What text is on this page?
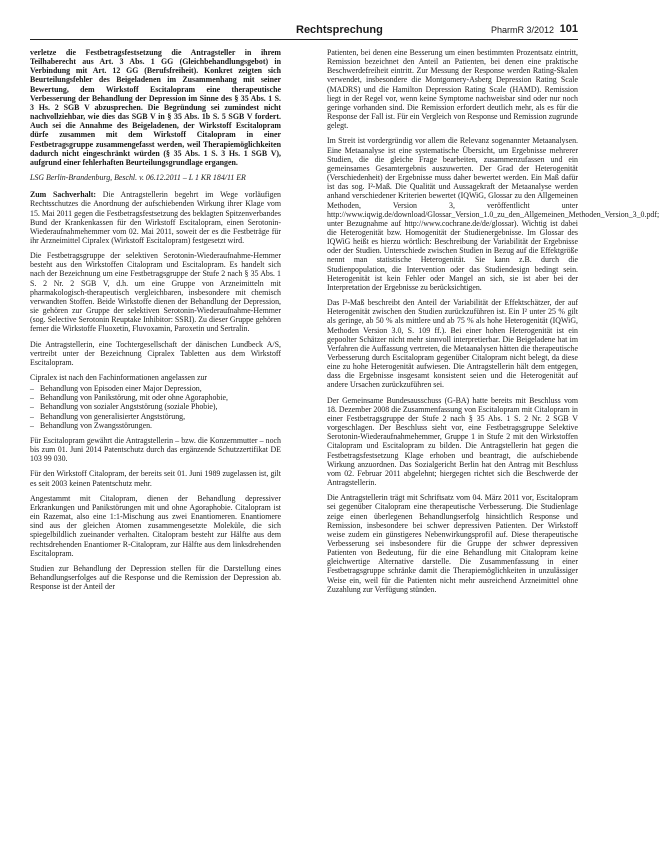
Rechtsprechung	PharmR 3/2012 101

verletze die Festbetragsfestsetzung die Antragsteller in ihrem Teilhaberecht aus Art. 3 Abs. 1 GG (Gleichbehandlungsgebot) in Verbindung mit Art. 12 GG (Berufsfreiheit). Konkret zeigten sich Beurteilungsfehler des Beigeladenen im Zusammenhang mit seiner Bewertung, dem Wirkstoff Escitalopram eine therapeutische Verbesserung der Behandlung der Depression im Sinne des § 35 Abs. 1 S. 3 Hs. 2 SGB V abzusprechen. Die Begründung sei zumindest nicht nachvollziehbar, wie dies das SGB V in § 35 Abs. 1b S. 5 SGB V fordert. Auch sei die Annahme des Beigeladenen, der Wirkstoff Escitalopram dürfe zusammen mit dem Wirkstoff Citalopram in einer Festbetragsgruppe zusammengefasst werden, weil Therapiemöglichkeiten dadurch nicht eingeschränkt würden (§ 35 Abs. 1 S. 3 Hs. 1 SGB V), aufgrund einer fehlerhaften Beurteilungsgrundlage ergangen.

LSG Berlin-Brandenburg, Beschl. v. 06.12.2011 – L 1 KR 184/11 ER

Zum Sachverhalt: Die Antragstellerin begehrt im Wege vorläufigen Rechtsschutzes die Anordnung der aufschiebenden Wirkung ihrer Klage vom 15. Mai 2011 gegen die Festbetragsfestsetzung des beklagten Spitzenverbandes Bund der Krankenkassen für den Wirkstoff Escitalopram, einen Serotonin-Wiederaufnahmehemmer vom 02. Mai 2011, soweit der es die Festbeträge für ihr Arzneimittel Cipralex (Wirkstoff Escitalopram) festgesetzt wird.

Die Festbetragsgruppe der selektiven Serotonin-Wiederaufnahme-Hemmer besteht aus den Wirkstoffen Citalopram und Escitalopram. Es handelt sich nach der Bezeichnung um eine Festbetragsgruppe der Stufe 2 nach § 35 Abs. 1 S. 2 Nr. 2 SGB V, d.h. um eine Gruppe von Arzneimitteln mit pharmakologisch-therapeutisch vergleichbaren, insbesondere mit chemisch verwandten Stoffen. Beide Wirkstoffe dienen der Behandlung der Depression, sie gehören zur Gruppe der selektiven Serotonin-Wiederaufnahme-Hemmer (sog. Selective Serotonin Reuptake Inhibitor: SSRI). Zu dieser Gruppe gehören ferner die Wirkstoffe Fluoxetin, Fluvoxamin, Paroxetin und Sertralin.

Die Antragstellerin, eine Tochtergesellschaft der dänischen Lundbeck A/S, vertreibt unter der Bezeichnung Cipralex Tabletten aus dem Wirkstoff Escitalopram.

Cipralex ist nach den Fachinformationen angelassen zur

– Behandlung von Episoden einer Major Depression,
– Behandlung von Panikstörung, mit oder ohne Agoraphobie,
– Behandlung von sozialer Angststörung (soziale Phobie),
– Behandlung von generalisierter Angststörung,
– Behandlung von Zwangsstörungen.

Für Escitalopram gewährt die Antragstellerin – bzw. die Konzernmutter – noch bis zum 01. Juni 2014 Patentschutz durch das ergänzende Schutzzertifikat DE 103 99 030.

Für den Wirkstoff Citalopram, der bereits seit 01. Juni 1989 zugelassen ist, gilt es seit 2003 keinen Patentschutz mehr.

Angestammt mit Citalopram, dienen der Behandlung depressiver Erkrankungen und Panikstörungen mit und ohne Agoraphobie. Citalopram ist ein Razemat, also eine 1:1-Mischung aus zwei Enantiomeren. Enantiomere sind aus der gleichen Atomen zusammengesetzte Moleküle, die sich spiegelbildlich zueinander verhalten. Citalopram besteht zur Hälfte aus dem rechtsdrehenden Enantiomer R-Citalopram, zur Hälfte aus dem linksdrehenden Escitalopram.

Studien zur Behandlung der Depression stellen für die Darstellung eines Behandlungserfolges auf die Response und die Remission der Depression ab. Response ist der Anteil der

Patienten, bei denen eine Besserung um einen bestimmten Prozentsatz eintritt, Remission bezeichnet den Anteil an Patienten, bei denen eine praktische Beschwerdefreiheit eintritt. Zur Messung der Response werden Rating-Skalen verwendet, insbesondere die Montgomery-Asberg Depression Rating Scale (MADRS) und die Hamilton Depression Rating Scale (HAMD). Remission liegt in der Regel vor, wenn keine Symptome nachweisbar sind oder nur noch geringe vorhanden sind. Die Remission erfordert deutlich mehr, als es für die Response der Fall ist. Für ein Vergleich von Response und Remission zugrunde gelegt.

Im Streit ist vordergründig vor allem die Relevanz sogenannter Metaanalysen. Eine Metaanalyse ist eine systematische Übersicht, um Ergebnisse mehrerer Studien, die die gleiche Frage bearbeiten, zusammenzufassen und ein gemeinsames Gesamtergebnis auszuwerten. Der Grad der Heterogenität (Verschiedenheit) der Ergebnisse muss daher bewertet werden. Ein Maß dafür ist das sog. I²-Maß. Die Qualität und Aussagekraft der Metaanalyse werden anhand verschiedener Kriterien bewertet (IQWiG, Glossar zu den Allgemeinen Methoden, Version 3, veröffentlicht unter http://www.iqwig.de/download/Glossar_Version_1.0_zu_den_Allgemeinen_Methoden_Version_3_0.pdf; unter Bezugnahme auf http://www.cochrane.de/de/glossar). Wichtig ist dabei die Heterogenität bzw. Homogenität der Studienergebnisse. Im Glossar des IQWiG heißt es hierzu wörtlich: Beschreibung der Variabilität der Ergebnisse oder der Studien. Unterschiede zwischen Studien in Bezug auf die Effektgröße nennt man statistische Heterogenität. Sie kann z.B. durch die Studienpopulation, die Intervention oder das Studiendesign bedingt sein. Heterogenität ist kein Fehler oder Mangel an sich, sie ist aber bei der Interpretation der Ergebnisse zu berücksichtigen.

Das I²-Maß beschreibt den Anteil der Variabilität der Effektschätzer, der auf Heterogenität zwischen den Studien zurückzuführen ist. Ein I² unter 25 % gilt als geringe, ab 50 % als mittlere und ab 75 % als hohe Heterogenität (IQWiG, Methoden Version 3.0, S. 109 ff.). Bei einer hohen Heterogenität ist ein gepoolter Schätzer nicht mehr sinnvoll interpretierbar. Die Beigeladene hat im Verfahren die Auffassung vertreten, die Metaanalysen hätten die therapeutische Verbesserung durch Escitalopram gegenüber Citalopram nicht belegt, da diese eine zu hohe Heterogenität aufwiesen. Die Antragstellerin hält dem entgegen, dass die Ergebnisse insgesamt konsistent seien und die Heterogenität auf andere Ursachen zurückzuführen sei.

Der Gemeinsame Bundesausschuss (G-BA) hatte bereits mit Beschluss vom 18. Dezember 2008 die Zusammenfassung von Escitalopram mit Citalopram in einer Festbetragsgruppe der Stufe 2 nach § 35 Abs. 1 S. 2 Nr. 2 SGB V vorgeschlagen. Der Beschluss sieht vor, eine Festbetragsgruppe Selektive Serotonin-Wiederaufnahmehemmer, Gruppe 1 in Stufe 2 mit den Wirkstoffen Citalopram und Escitalopram zu bilden. Die Antragstellerin hat gegen die Festbetragsfestsetzung Klage erhoben und beantragt, die aufschiebende Wirkung anzuordnen. Das Sozialgericht Berlin hat den Antrag mit Beschluss vom 02. Februar 2011 abgelehnt; hiergegen richtet sich die Beschwerde der Antragstellerin.

Die Antragstellerin trägt mit Schriftsatz vom 04. März 2011 vor, Escitalopram sei gegenüber Citalopram eine therapeutische Verbesserung. Die Studienlage zeige einen überlegenen Behandlungserfolg hinsichtlich Response und Remission, insbesondere bei schwer depressiven Patienten. Der Wirkstoff weise zudem ein günstigeres Nebenwirkungsprofil auf. Diese therapeutische Verbesserung sei insbesondere für die Gruppe der schwer depressiven Patienten von Bedeutung, für die eine Behandlung mit Citalopram keine gleichwertige Alternative darstelle. Die Zusammenfassung in einer Festbetragsgruppe schränke damit die Therapiemöglichkeiten in unzulässiger Weise ein, weil für die Patienten nicht mehr ausreichend Arzneimittel ohne Zuzahlung zur Verfügung stünden.
